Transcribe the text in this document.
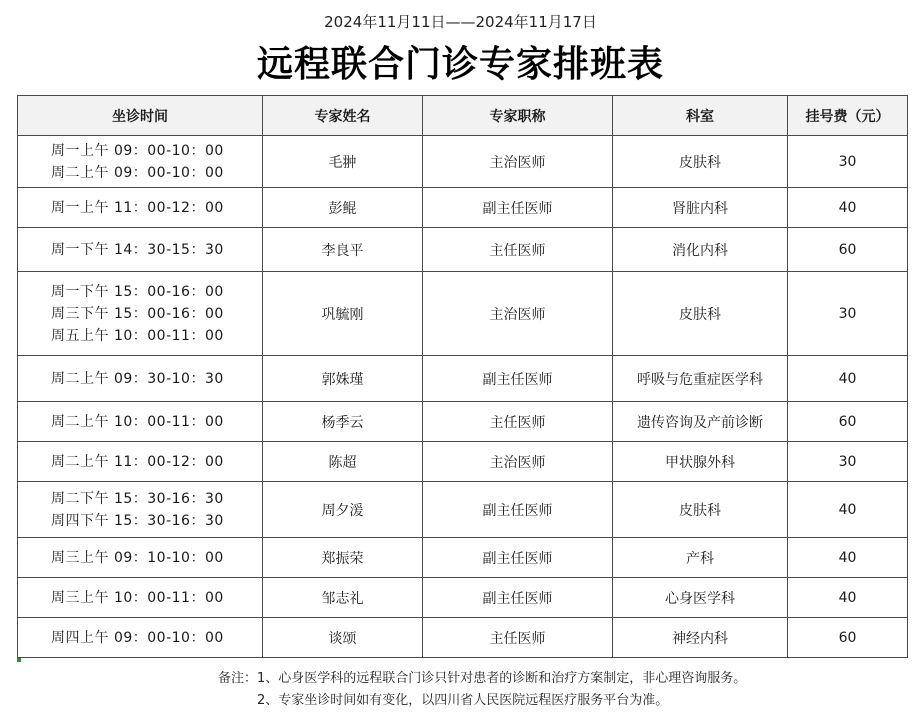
2024年11月11日——2024年11月17日
远程联合门诊专家排班表
坐诊时间	专家姓名	专家职称	科室	挂号费（元）

周一上午 09：00-10：00
周二上午 09：00-10：00	毛翀	主治医师	皮肤科	30

周一上午 11：00-12：00	彭鲲	副主任医师	肾脏内科	40

周一下午 14：30-15：30	李良平	主任医师	消化内科	60

周一下午 15：00-16：00
周三下午 15：00-16：00
周五上午 10：00-11：00	巩毓刚	主治医师	皮肤科	30

周二上午 09：30-10：30	郭姝瑾	副主任医师	呼吸与危重症医学科	40

周二上午 10：00-11：00	杨季云	主任医师	遗传咨询及产前诊断	60

周二上午 11：00-12：00	陈超	主治医师	甲状腺外科	30

周二下午 15：30-16：30
周四下午 15：30-16：30	周夕湲	副主任医师	皮肤科	40

周三上午 09：10-10：00	郑振荣	副主任医师	产科	40

周三上午 10：00-11：00	邹志礼	副主任医师	心身医学科	40

周四上午 09：00-10：00	谈颂	主任医师	神经内科	60
备注：1、心身医学科的远程联合门诊只针对患者的诊断和治疗方案制定，非心理咨询服务。
2、专家坐诊时间如有变化，以四川省人民医院远程医疗服务平台为准。
